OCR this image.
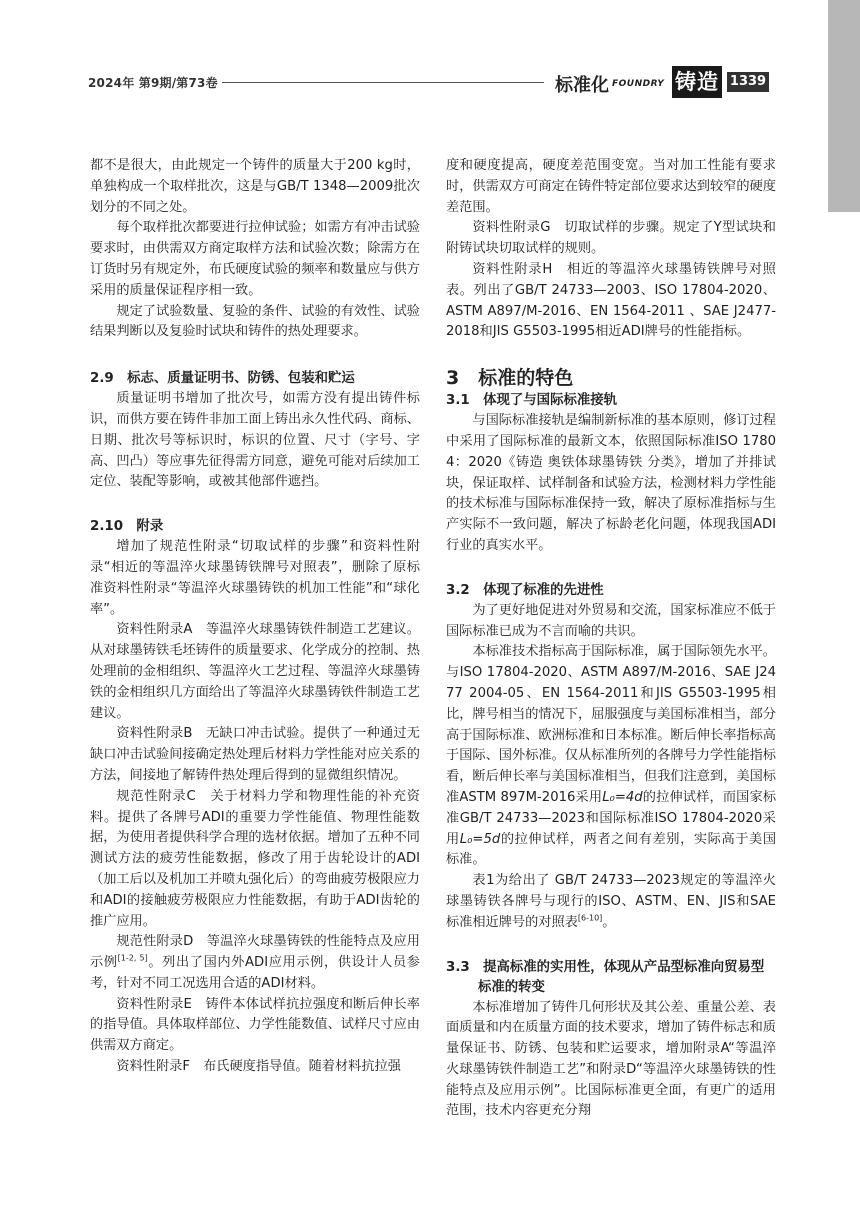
2024年 第9期/第73卷	标准化 FOUNDRY 铸造 1339

都不是很大，由此规定一个铸件的质量大于200 kg时，单独构成一个取样批次，这是与GB/T 1348—2009批次划分的不同之处。

每个取样批次都要进行拉伸试验；如需方有冲击试验要求时，由供需双方商定取样方法和试验次数；除需方在订货时另有规定外，布氏硬度试验的频率和数量应与供方采用的质量保证程序相一致。

规定了试验数量、复验的条件、试验的有效性、试验结果判断以及复验时试块和铸件的热处理要求。

2.9　标志、质量证明书、防锈、包装和贮运

质量证明书增加了批次号，如需方没有提出铸件标识，而供方要在铸件非加工面上铸出永久性代码、商标、日期、批次号等标识时，标识的位置、尺寸（字号、字高、凹凸）等应事先征得需方同意，避免可能对后续加工定位、装配等影响，或被其他部件遮挡。

2.10　附录

增加了规范性附录“切取试样的步骤”和资料性附录“相近的等温淬火球墨铸铁牌号对照表”，删除了原标准资料性附录“等温淬火球墨铸铁的机加工性能”和“球化率”。

资料性附录A　等温淬火球墨铸铁件制造工艺建议。从对球墨铸铁毛坯铸件的质量要求、化学成分的控制、热处理前的金相组织、等温淬火工艺过程、等温淬火球墨铸铁的金相组织几方面给出了等温淬火球墨铸铁件制造工艺建议。

资料性附录B　无缺口冲击试验。提供了一种通过无缺口冲击试验间接确定热处理后材料力学性能对应关系的方法，间接地了解铸件热处理后得到的显微组织情况。

规范性附录C　关于材料力学和物理性能的补充资料。提供了各牌号ADI的重要力学性能值、物理性能数据，为使用者提供科学合理的选材依据。增加了五种不同测试方法的疲劳性能数据，修改了用于齿轮设计的ADI（加工后以及机加工并喷丸强化后）的弯曲疲劳极限应力和ADI的接触疲劳极限应力性能数据，有助于ADI齿轮的推广应用。

规范性附录D　等温淬火球墨铸铁的性能特点及应用示例[1-2, 5]。列出了国内外ADI应用示例，供设计人员参考，针对不同工况选用合适的ADI材料。

资料性附录E　铸件本体试样抗拉强度和断后伸长率的指导值。具体取样部位、力学性能数值、试样尺寸应由供需双方商定。

资料性附录F　布氏硬度指导值。随着材料抗拉强

度和硬度提高，硬度差范围变宽。当对加工性能有要求时，供需双方可商定在铸件特定部位要求达到较窄的硬度差范围。

资料性附录G　切取试样的步骤。规定了Y型试块和附铸试块切取试样的规则。

资料性附录H　相近的等温淬火球墨铸铁牌号对照表。列出了GB/T 24733—2003、ISO 17804-2020、ASTM A897/M-2016、EN 1564-2011 、SAE J2477-2018和JIS G5503-1995相近ADI牌号的性能指标。

3　标准的特色
3.1　体现了与国际标准接轨

与国际标准接轨是编制新标准的基本原则，修订过程中采用了国际标准的最新文本，依照国际标准ISO 17804：2020《铸造 奥铁体球墨铸铁 分类》，增加了并排试块，保证取样、试样制备和试验方法，检测材料力学性能的技术标准与国际标准保持一致，解决了原标准指标与生产实际不一致问题，解决了标龄老化问题，体现我国ADI行业的真实水平。

3.2　体现了标准的先进性

为了更好地促进对外贸易和交流，国家标准应不低于国际标准已成为不言而喻的共识。

本标准技术指标高于国际标准，属于国际领先水平。与ISO 17804-2020、ASTM A897/M-2016、SAE J2477 2004-05、EN 1564-2011和JIS G5503-1995相比，牌号相当的情况下，屈服强度与美国标准相当，部分高于国际标准、欧洲标准和日本标准。断后伸长率指标高于国际、国外标准。仅从标准所列的各牌号力学性能指标看，断后伸长率与美国标准相当，但我们注意到，美国标准ASTM 897M-2016采用L₀=4d的拉伸试样，而国家标准GB/T 24733—2023和国际标准ISO 17804-2020采用L₀=5d的拉伸试样，两者之间有差别，实际高于美国标准。

表1为给出了 GB/T 24733—2023规定的等温淬火球墨铸铁各牌号与现行的ISO、ASTM、EN、JIS和SAE标准相近牌号的对照表[6-10]。

3.3　提高标准的实用性，体现从产品型标准向贸易型标准的转变

本标准增加了铸件几何形状及其公差、重量公差、表面质量和内在质量方面的技术要求，增加了铸件标志和质量保证书、防锈、包装和贮运要求，增加附录A“等温淬火球墨铸铁件制造工艺”和附录D“等温淬火球墨铸铁的性能特点及应用示例”。比国际标准更全面，有更广的适用范围，技术内容更充分翔
